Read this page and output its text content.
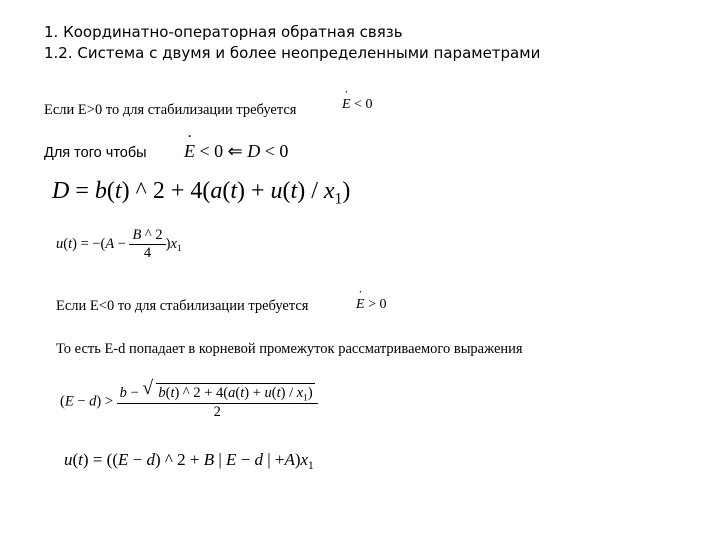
1. Координатно-операторная обратная связь
1.2. Система с двумя и более неопределенными параметрами
Если E>0 то для стабилизации требуется	˙ E < 0
Для того чтобы ˙ E < 0 ⇐ D < 0
D = b(t) ^ $2 + 4(a(t) + u(t) / x_1)$
$u(t) = -(A - \frac{B \^{} 2}{4} )x_1$
Если E<0 то для стабилизации требуется	˙ E > 0
То есть E-d попадает в корневой промежуток рассматриваемого выражения
$(E - d) > \frac{b - √ b(t) \^{} 2 + 4(a(t) + u(t) / x_1)}{2}$
u(t) = ((E − d) ^ 2 + B | E − d | $+A)x_1$
